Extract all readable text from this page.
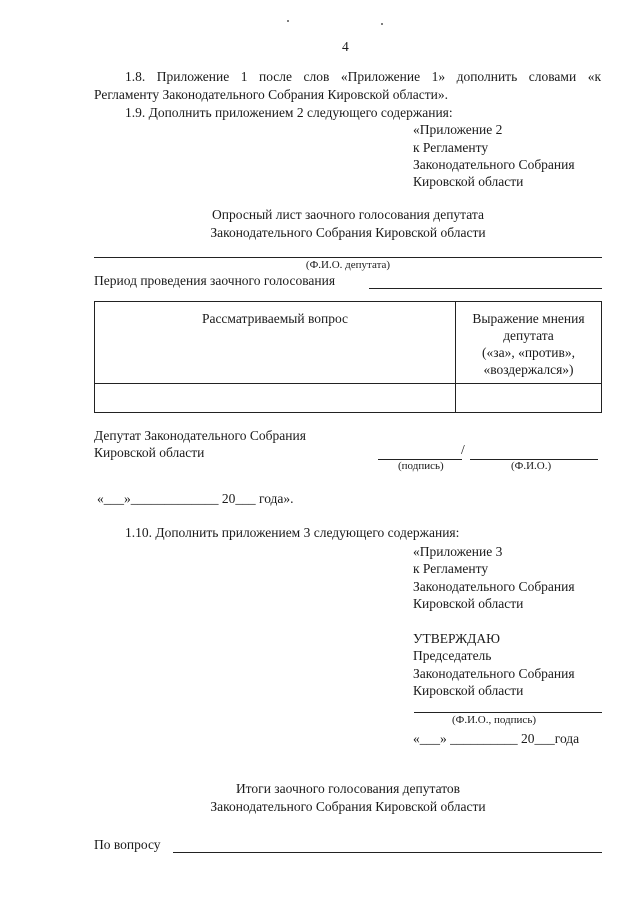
4
1.8. Приложение 1 после слов «Приложение 1» дополнить словами «к
Регламенту Законодательного Собрания Кировской области».
1.9. Дополнить приложением 2 следующего содержания:
«Приложение 2
к Регламенту
Законодательного Собрания
Кировской области
Опросный лист заочного голосования депутата
Законодательного Собрания Кировской области
(Ф.И.О. депутата)
Период проведения заочного голосования
Рассматриваемый вопрос	Выражение мнения
депутата
(«за», «против»,
«воздержался»)

Депутат Законодательного Собрания
Кировской области	/
(подпись)	(Ф.И.О.)
«___»_____________ 20___ года».
1.10. Дополнить приложением 3 следующего содержания:
«Приложение 3
к Регламенту
Законодательного Собрания
Кировской области
УТВЕРЖДАЮ
Председатель
Законодательного Собрания
Кировской области
(Ф.И.О., подпись)
«___» __________ 20___года
Итоги заочного голосования депутатов
Законодательного Собрания Кировской области
По вопросу
